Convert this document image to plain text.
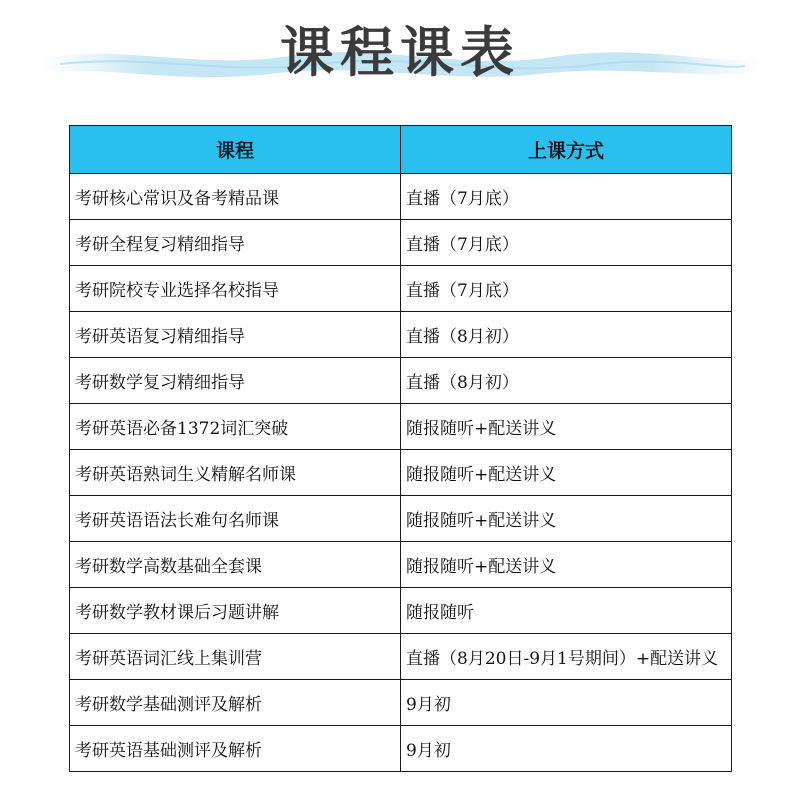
课程课表
课程	上课方式
考研核心常识及备考精品课	直播（7月底）
考研全程复习精细指导	直播（7月底）
考研院校专业选择名校指导	直播（7月底）
考研英语复习精细指导	直播（8月初）
考研数学复习精细指导	直播（8月初）
考研英语必备1372词汇突破	随报随听+配送讲义
考研英语熟词生义精解名师课	随报随听+配送讲义
考研英语语法长难句名师课	随报随听+配送讲义
考研数学高数基础全套课	随报随听+配送讲义
考研数学教材课后习题讲解	随报随听
考研英语词汇线上集训营	直播（8月20日-9月1号期间）+配送讲义
考研数学基础测评及解析	9月初
考研英语基础测评及解析	9月初
